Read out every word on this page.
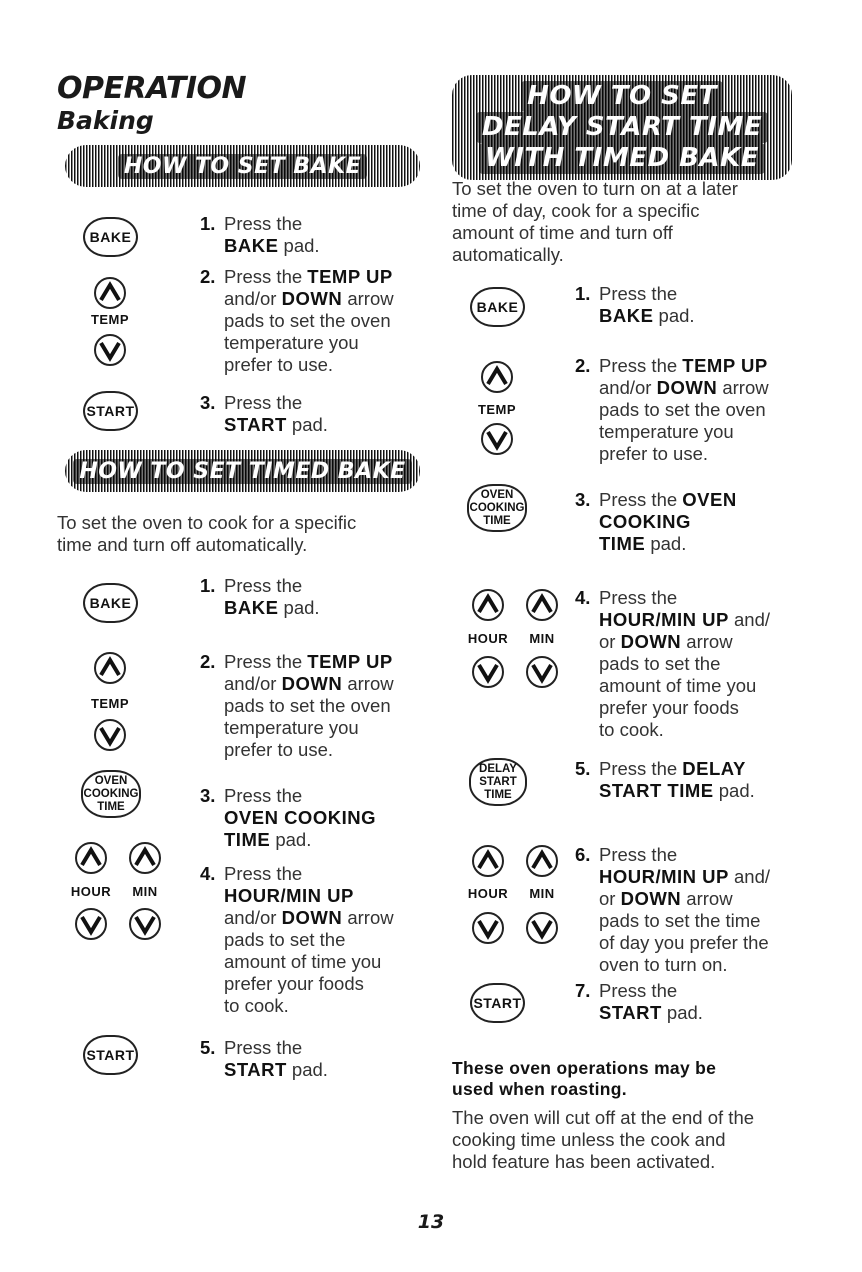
OPERATION
Baking
HOW TO SET BAKE
HOW TO SET TIMED BAKE
HOW TO SET
DELAY START TIME
WITH TIMED BAKE
To set the oven to cook for a specific
time and turn off automatically.
To set the oven to turn on at a later
time of day, cook for a specific
amount of time and turn off
automatically.
1. Press the
BAKE pad.
2. Press the TEMP UP
and/or DOWN arrow
pads to set the oven
temperature you
prefer to use.
3. Press the
START pad.
1. Press the
BAKE pad.
2. Press the TEMP UP
and/or DOWN arrow
pads to set the oven
temperature you
prefer to use.
3. Press the
OVEN COOKING
TIME pad.
4. Press the
HOUR/MIN UP
and/or DOWN arrow
pads to set the
amount of time you
prefer your foods
to cook.
5. Press the
START pad.
1. Press the
BAKE pad.
2. Press the TEMP UP
and/or DOWN arrow
pads to set the oven
temperature you
prefer to use.
3. Press the OVEN
COOKING
TIME pad.
4. Press the
HOUR/MIN UP and/
or DOWN arrow
pads to set the
amount of time you
prefer your foods
to cook.
5. Press the DELAY
START TIME pad.
6. Press the
HOUR/MIN UP and/
or DOWN arrow
pads to set the time
of day you prefer the
oven to turn on.
7. Press the
START pad.
BAKE
TEMP
START
BAKE
TEMP
OVEN
COOKING
TIME
HOUR	MIN
START
BAKE
TEMP
OVEN
COOKING
TIME
HOUR	MIN
DELAY
START
TIME
HOUR	MIN
START
These oven operations may be
used when roasting.
The oven will cut off at the end of the
cooking time unless the cook and
hold feature has been activated.
13
